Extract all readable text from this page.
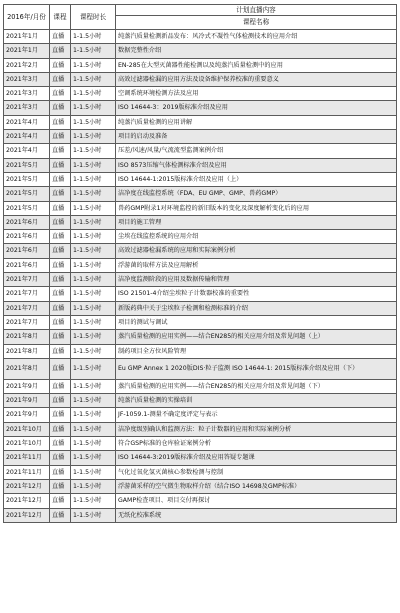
2016年/月份	课程	课程时长	计划直播内容
			课程名称
2021年1月	直播	1-1.5小时	纯蒸汽质量检测新品发布：风冷式不凝性气体检测技术的应用介绍
2021年1月	直播	1-1.5小时	数据完整性介绍
2021年2月	直播	1-1.5小时	EN-285在大型灭菌器性能检测以及纯蒸汽质量检测中的应用
2021年3月	直播	1-1.5小时	高效过滤器检漏的应用方法及设备维护保养校准的重要意义
2021年3月	直播	1-1.5小时	空调系统环境检测方法及应用
2021年3月	直播	1-1.5小时	ISO 14644-3：2019版标准介绍及应用
2021年4月	直播	1-1.5小时	纯蒸汽质量检测的应用讲解
2021年4月	直播	1-1.5小时	项目的启动及准备
2021年4月	直播	1-1.5小时	压差/风速/风量/气流流型监测案例介绍
2021年5月	直播	1-1.5小时	ISO 8573压缩气体检测标准介绍及应用
2021年5月	直播	1-1.5小时	ISO 14644-1:2015版标准介绍及应用（上）
2021年5月	直播	1-1.5小时	洁净度在线监控系统（FDA、EU GMP、GMP、兽药GMP）
2021年5月	直播	1-1.5小时	兽药GMP附录1对环境监控的新旧版本的变化及深度解析变化后的应用
2021年6月	直播	1-1.5小时	项目的施工管理
2021年6月	直播	1-1.5小时	尘埃在线监控系统的应用介绍
2021年6月	直播	1-1.5小时	高效过滤器检漏系统的应用和实际案例分析
2021年6月	直播	1-1.5小时	浮游菌的取样方法及应用解析
2021年7月	直播	1-1.5小时	洁净度监测阶段的应用及数据传输和管理
2021年7月	直播	1-1.5小时	ISO 21501-4介绍尘埃粒子计数器校准的重要性
2021年7月	直播	1-1.5小时	新版药典中关于尘埃粒子检测和检测标准的介绍
2021年7月	直播	1-1.5小时	项目的测试与调试
2021年8月	直播	1-1.5小时	蒸汽质量检测的应用实例——结合EN285的相关应用介绍及常见问题（上）
2021年8月	直播	1-1.5小时	制药项目全方位风险管理
2021年8月	直播	1-1.5小时	Eu GMP Annex 1 2020版DIS·粒子监测 ISO 14644-1: 2015版标准介绍及应用（下）
2021年9月	直播	1-1.5小时	蒸汽质量检测的应用实例——结合EN285的相关应用介绍及常见问题（下）
2021年9月	直播	1-1.5小时	纯蒸汽质量检测的实操培训
2021年9月	直播	1-1.5小时	JF-1059.1-测量不确定度评定与表示
2021年10月	直播	1-1.5小时	洁净度级别确认和监测方法：粒子计数器的应用和实际案例分析
2021年10月	直播	1-1.5小时	符合GSP标准的仓库验证案例分析
2021年11月	直播	1-1.5小时	ISO 14644-3:2019版标准介绍及应用答疑专题课
2021年11月	直播	1-1.5小时	气化过氧化氢灭菌核心参数检测与控制
2021年12月	直播	1-1.5小时	浮游菌采样的空气微生物取样介绍（结合ISO 14698及GMP标准）
2021年12月	直播	1-1.5小时	GAMP检查项目、项目交付再探讨
2021年12月	直播	1-1.5小时	无纸化校准系统
